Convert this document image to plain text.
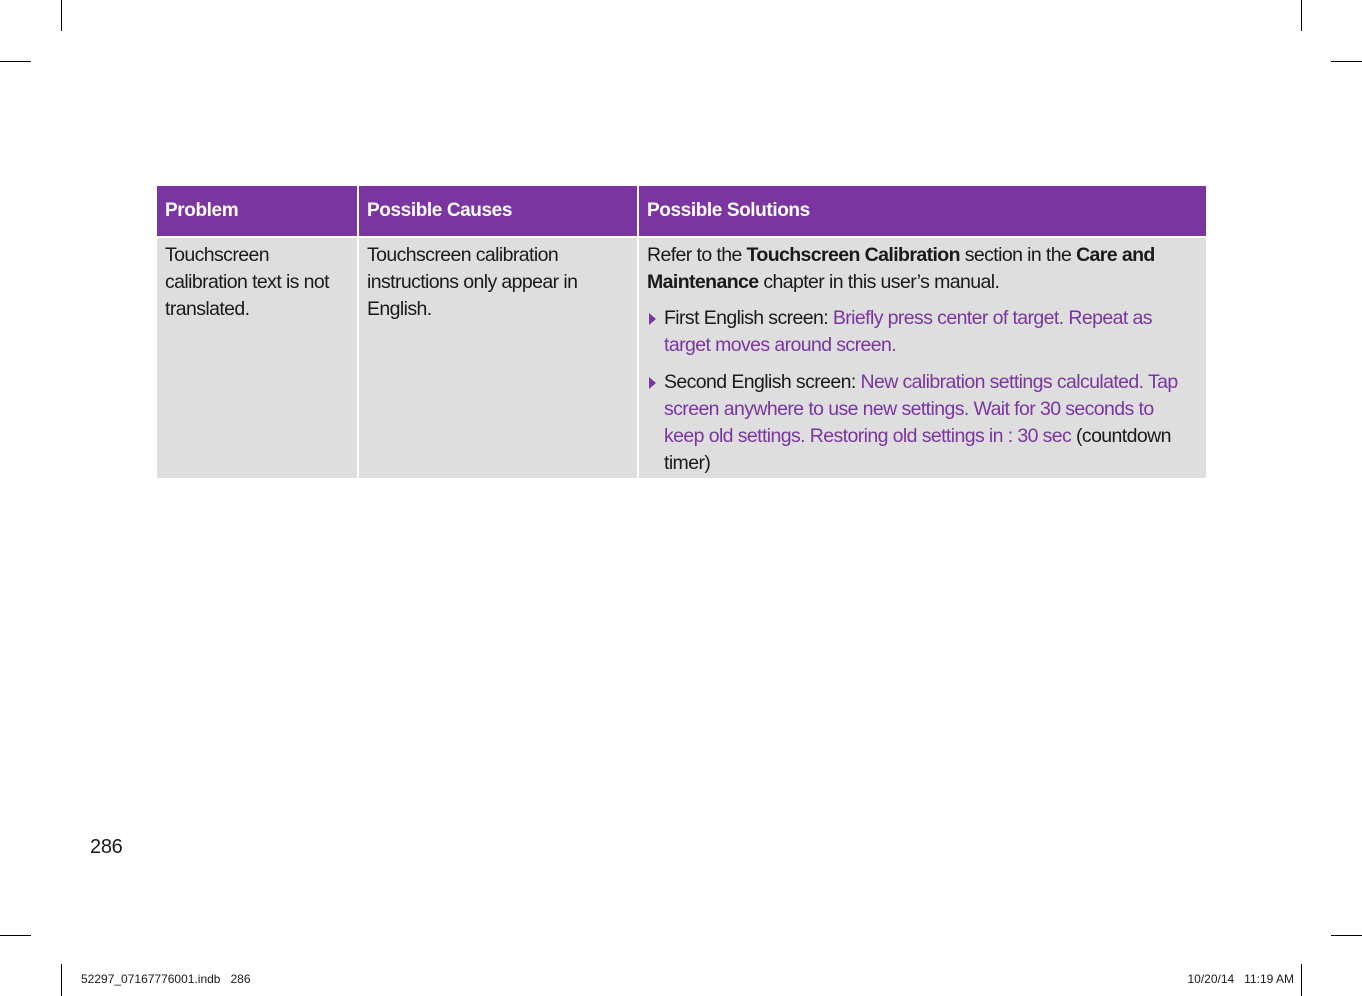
Problem	Possible Causes	Possible Solutions
Touchscreen calibration text is not translated.	Touchscreen calibration instructions only appear in English.	Refer to the Touchscreen Calibration section in the Care and Maintenance chapter in this user’s manual.

First English screen: Briefly press center of target. Repeat as target moves around screen.
Second English screen: New calibration settings calculated. Tap screen anywhere to use new settings. Wait for 30 seconds to keep old settings. Restoring old settings in : 30 sec (countdown timer)
286
52297_07167776001.indb   286	10/20/14   11:19 AM
